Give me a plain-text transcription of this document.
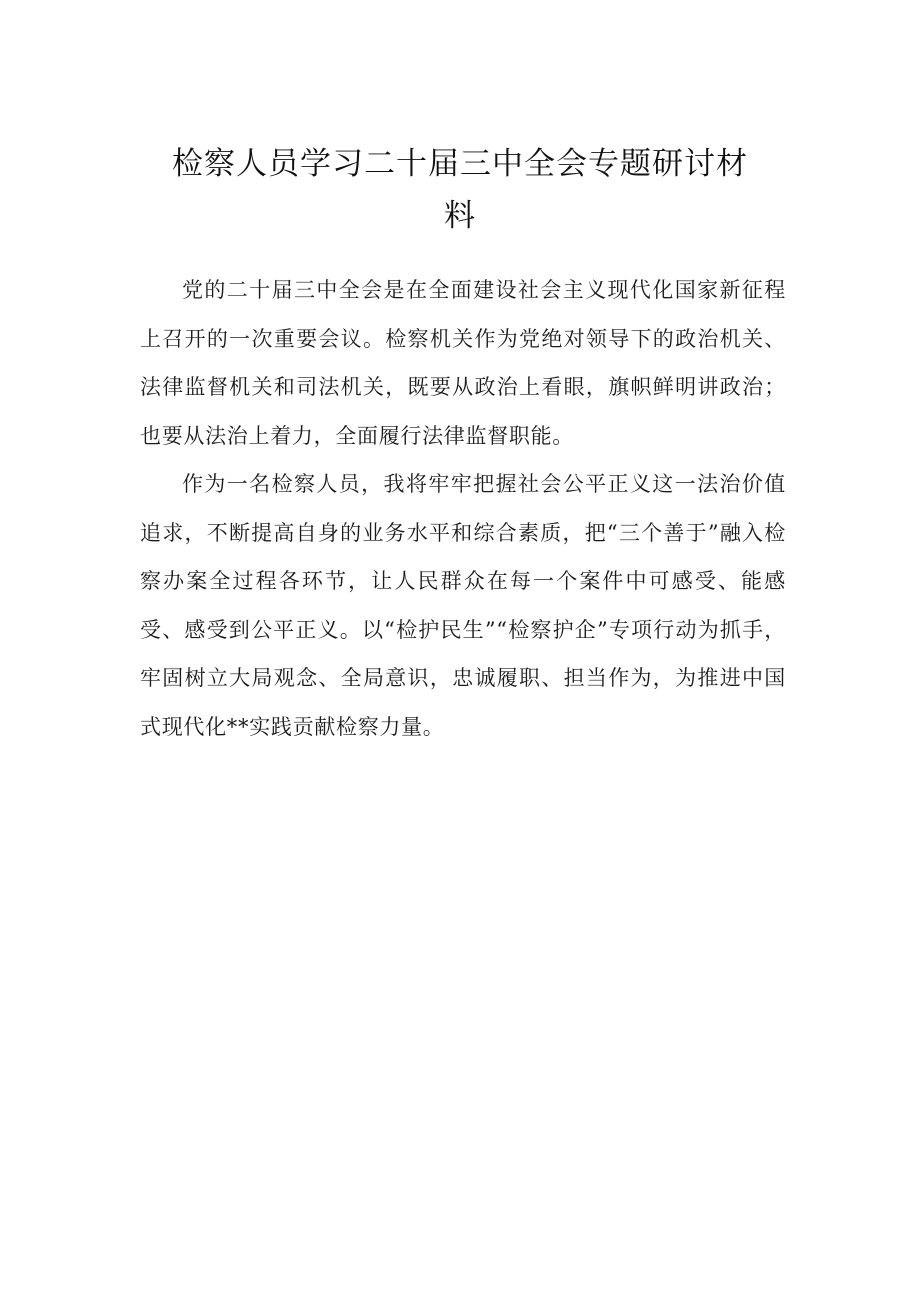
检察人员学习二十届三中全会专题研讨材
料

党的二十届三中全会是在全面建设社会主义现代化国家新征程上召开的一次重要会议。检察机关作为党绝对领导下的政治机关、法律监督机关和司法机关，既要从政治上看眼，旗帜鲜明讲政治；也要从法治上着力，全面履行法律监督职能。

作为一名检察人员，我将牢牢把握社会公平正义这一法治价值追求，不断提高自身的业务水平和综合素质，把“三个善于”融入检察办案全过程各环节，让人民群众在每一个案件中可感受、能感受、感受到公平正义。以“检护民生”“检察护企”专项行动为抓手，牢固树立大局观念、全局意识，忠诚履职、担当作为，为推进中国式现代化**实践贡献检察力量。
